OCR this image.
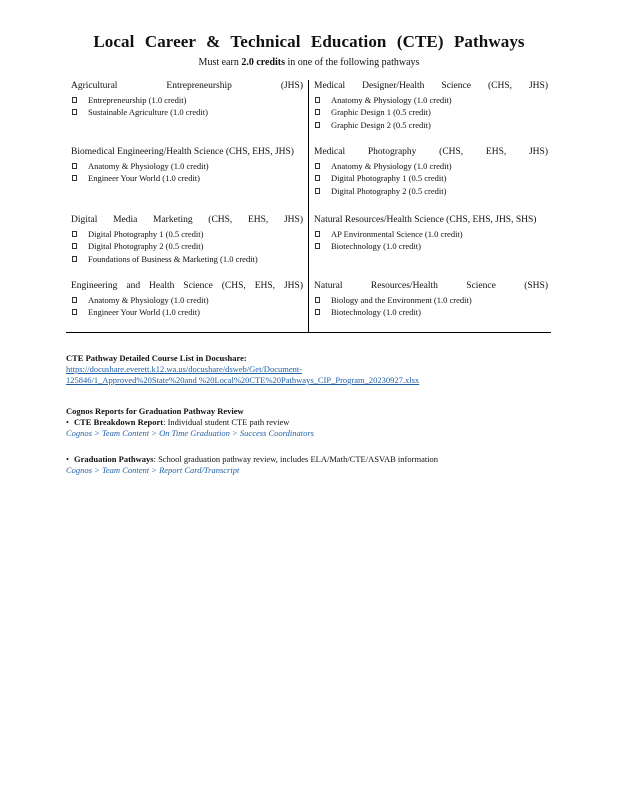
Local Career & Technical Education (CTE) Pathways
Must earn 2.0 credits in one of the following pathways
Agricultural Entrepreneurship (JHS)
Entrepreneurship (1.0 credit)
Sustainable Agriculture (1.0 credit)
Medical Designer/Health Science (CHS, JHS)
Anatomy & Physiology (1.0 credit)
Graphic Design 1 (0.5 credit)
Graphic Design 2 (0.5 credit)
Biomedical Engineering/Health Science (CHS, EHS, JHS)
Anatomy & Physiology (1.0 credit)
Engineer Your World (1.0 credit)
Medical Photography (CHS, EHS, JHS)
Anatomy & Physiology (1.0 credit)
Digital Photography 1 (0.5 credit)
Digital Photography 2 (0.5 credit)
Digital Media Marketing (CHS, EHS, JHS)
Digital Photography 1 (0.5 credit)
Digital Photography 2 (0.5 credit)
Foundations of Business & Marketing (1.0 credit)
Natural Resources/Health Science (CHS, EHS, JHS, SHS)
AP Environmental Science (1.0 credit)
Biotechnology (1.0 credit)
Engineering and Health Science (CHS, EHS, JHS)
Anatomy & Physiology (1.0 credit)
Engineer Your World (1.0 credit)
Natural Resources/Health Science (SHS)
Biology and the Environment (1.0 credit)
Biotechnology (1.0 credit)
CTE Pathway Detailed Course List in Docushare:
https://docushare.everett.k12.wa.us/docushare/dsweb/Get/Document-
125846/1_Approved%20State%20and %20Local%20CTE%20Pathways_CIP_Program_20230927.xlsx
Cognos Reports for Graduation Pathway Review
• CTE Breakdown Report: Individual student CTE path review
Cognos > Team Content > On Time Graduation > Success Coordinators
• Graduation Pathways: School graduation pathway review, includes ELA/Math/CTE/ASVAB information
Cognos > Team Content > Report Card/Transcript
